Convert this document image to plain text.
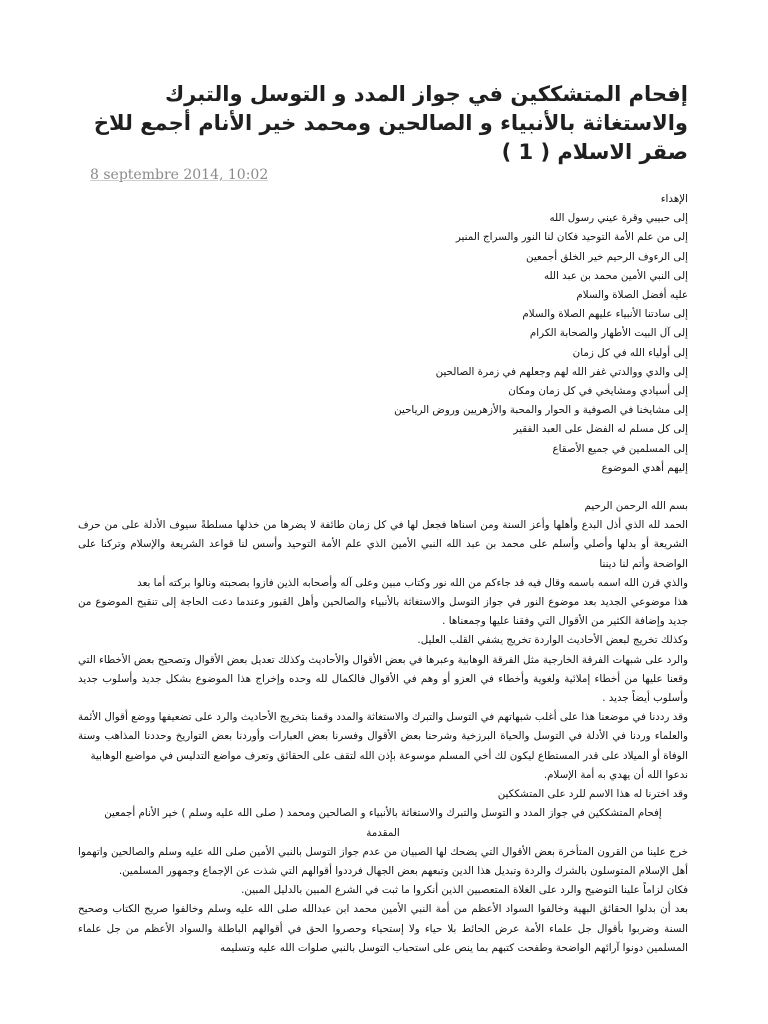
إفحام المتشككين في جواز المدد و التوسل والتبرك والاستغاثة بالأنبياء و الصالحين ومحمد خير الأنام أجمع للاخ صقر الاسلام ( 1 )
8 septembre 2014, 10:02

الإهداء

إلى حبيبي وقرة عيني رسول الله

إلى من علم الأمة التوحيد فكان لنا النور والسراج المنير

إلى الرءوف الرحيم خير الخلق أجمعين

إلى النبي الأمين محمد بن عبد الله

عليه أفضل الصلاة والسلام

إلى سادتنا الأنبياء عليهم الصلاة والسلام

إلى آل البيت الأطهار والصحابة الكرام

إلى أولياء الله في كل زمان

إلى والدي ووالدتي غفر الله لهم وجعلهم في زمرة الصالحين

إلى أسيادي ومشايخي في كل زمان ومكان

إلى مشايخنا في الصوفية و الحوار والمحبة والأزهريين وروض الرياحين

إلى كل مسلم له الفضل على العبد الفقير

إلى المسلمين في جميع الأصقاع

إليهم أهدي الموضوع

بسم الله الرحمن الرحيم

الحمد لله الذي أذل البدع وأهلها وأعز السنة ومن اسناها فجعل لها في كل زمان طائفة لا يضرها من خذلها مسلطةً سيوف الأدلة على من حرف الشريعة أو بدلها وأصلي وأسلم على محمد بن عبد الله النبي الأمين الذي علم الأمة التوحيد وأسس لنا قواعد الشريعة والإسلام وتركنا على الواضحة وأتم لنا ديننا

والذي قرن الله اسمه باسمه وقال فيه قد جاءكم من الله نور وكتاب مبين وعلى آله وأصحابه الذين فازوا بصحبته ونالوا بركته أما بعد

هذا موضوعي الجديد بعد موضوع النور في جواز التوسل والاستغاثة بالأنبياء والصالحين وأهل القبور وعندما دعت الحاجة إلى تنقيح الموضوع من جديد وإضافة الكثير من الأقوال التي وفقنا عليها وجمعناها .

وكذلك تخريج لبعض الأحاديث الواردة تخريج يشفي القلب العليل.

والرد على شبهات الفرقة الخارجية مثل الفرقة الوهابية وعبرها في بعض الأقوال والأحاديث وكذلك تعديل بعض الأقوال وتصحيح بعض الأخطاء التي وقعنا عليها من أخطاء إملائية ولغوية وأخطاء في العزو أو وهم في الأقوال فالكمال لله وحده وإخراج هذا الموضوع بشكل جديد وأسلوب جديد وأسلوب أيضاً جديد .

وقد رددنا في موضعنا هذا على أغلب شبهاتهم في التوسل والتبرك والاستغاثة والمدد وقمنا بتخريج الأحاديث والرد على تضعيفها ووضع أقوال الأئمة والعلماء وردنا في الأدلة في التوسل والحياة البرزخية وشرحنا بعض الأقوال وفسرنا بعض العبارات وأوردنا بعض التواريخ وحددنا المذاهب وسنة الوفاة أو الميلاد على قدر المستطاع ليكون لك أخي المسلم موسوعة بإذن الله لتقف على الحقائق وتعرف مواضع التدليس في مواضيع الوهابية

ندعوا الله أن يهدي به أمة الإسلام.

وقد اخترنا له هذا الاسم للرد على المتشككين

إفحام المتشككين في جواز المدد و التوسل والتبرك والاستغاثة بالأنبياء و الصالحين ومحمد ( صلى الله عليه وسلم ) خير الأنام أجمعين

المقدمة

خرج علينا من القرون المتأخرة بعض الأقوال التي يضحك لها الصبيان من عدم جواز التوسل بالنبي الأمين صلى الله عليه وسلم والصالحين واتهموا أهل الإسلام المتوسلون بالشرك والردة وتبديل هذا الدين وتبعهم بعض الجهال فرددوا أقوالهم التي شذت عن الإجماع وجمهور المسلمين.

فكان لزاماً علينا التوضيح والرد على الغلاة المتعصبين الذين أنكروا ما ثبت في الشرع المبين بالدليل المبين.

بعد أن بدلوا الحقائق البهية وخالفوا السواد الأعظم من أمة النبي الأمين محمد ابن عبدالله صلى الله عليه وسلم وخالفوا صريح الكتاب وصحيح السنة وضربوا بأقوال جل علماء الأمة عرض الحائط بلا حياء ولا إستحياء وحصروا الحق في أقوالهم الباطلة والسواد الأعظم من جل علماء المسلمين دونوا آرائهم الواضحة وطفحت كتبهم بما ينص على استحباب التوسل بالنبي صلوات الله عليه وتسليمه
